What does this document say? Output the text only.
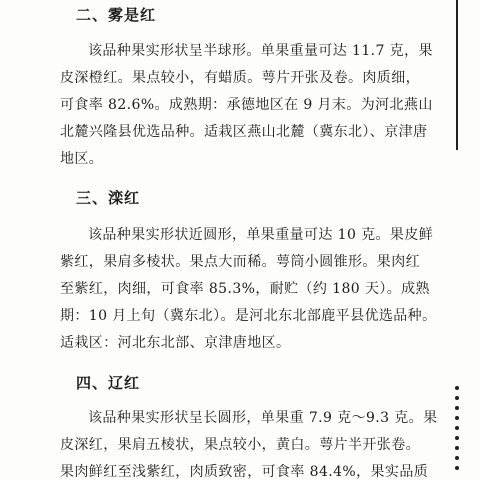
二、雾是红
该品种果实形状呈半球形。单果重量可达 11.7 克，果
皮深橙红。果点较小，有蜡质。萼片开张及卷。肉质细，
可食率 82.6%。成熟期：承德地区在 9 月末。为河北燕山
北麓兴隆县优选品种。适栽区燕山北麓（冀东北）、京津唐
地区。
三、滦红
该品种果实形状近圆形，单果重量可达 10 克。果皮鲜
紫红，果肩多棱状。果点大而稀。萼筒小圆锥形。果肉红
至紫红，肉细，可食率 85.3%，耐贮（约 180 天）。成熟
期：10 月上旬（冀东北）。是河北东北部鹿平县优选品种。
适栽区：河北东北部、京津唐地区。
四、辽红
该品种果实形状呈长圆形，单果重 7.9 克～9.3 克。果
皮深红，果肩五棱状，果点较小，黄白。萼片半开张卷。
果肉鲜红至浅紫红，肉质致密，可食率 84.4%，果实品质
